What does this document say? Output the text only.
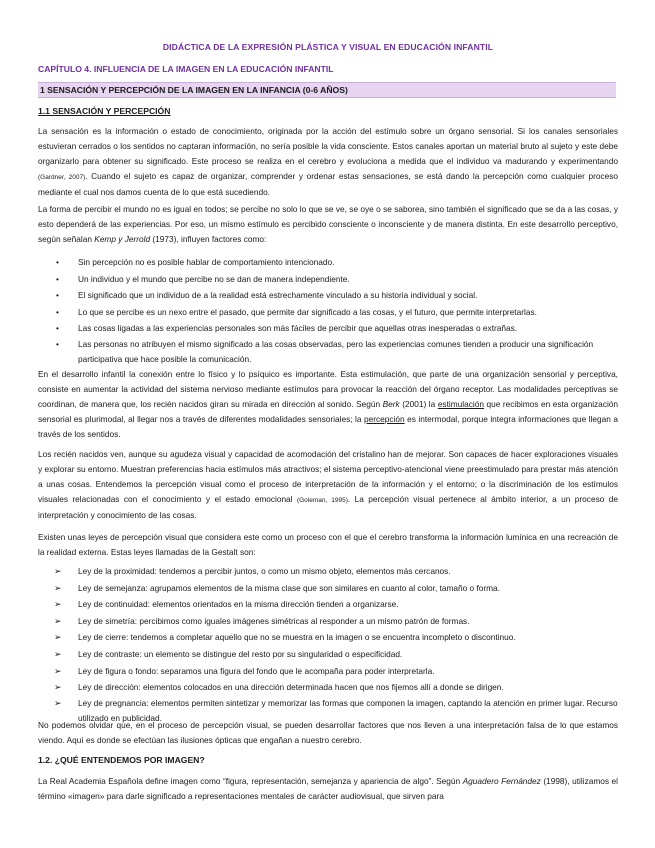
DIDÁCTICA DE LA EXPRESIÓN PLÁSTICA Y VISUAL EN EDUCACIÓN INFANTIL
CAPÍTULO 4. INFLUENCIA DE LA IMAGEN EN LA EDUCACIÓN INFANTIL
1 SENSACIÓN Y PERCEPCIÓN DE LA IMAGEN EN LA INFANCIA (0-6 AÑOS)
1.1 SENSACIÓN Y PERCEPCIÓN
La sensación es la información o estado de conocimiento, originada por la acción del estímulo sobre un órgano sensorial. Si los canales sensoriales estuvieran cerrados o los sentidos no captaran información, no sería posible la vida consciente. Estos canales aportan un material bruto al sujeto y este debe organizarlo para obtener su significado. Este proceso se realiza en el cerebro y evoluciona a medida que el individuo va madurando y experimentando (Gardner, 2007). Cuando el sujeto es capaz de organizar, comprender y ordenar estas sensaciones, se está dando la percepción como cualquier proceso mediante el cual nos damos cuenta de lo que está sucediendo.
La forma de percibir el mundo no es igual en todos; se percibe no solo lo que se ve, se oye o se saborea, sino también el significado que se da a las cosas, y esto dependerá de las experiencias. Por eso, un mismo estímulo es percibido consciente o inconsciente y de manera distinta. En este desarrollo perceptivo, según señalan Kemp y Jerrold (1973), influyen factores como:
• Sin percepción no es posible hablar de comportamiento intencionado.
• Un individuo y el mundo que percibe no se dan de manera independiente.
• El significado que un individuo de a la realidad está estrechamente vinculado a su historia individual y social.
• Lo que se percibe es un nexo entre el pasado, que permite dar significado a las cosas, y el futuro, que permite interpretarlas.
• Las cosas ligadas a las experiencias personales son más fáciles de percibir que aquellas otras inesperadas o extrañas.
• Las personas no atribuyen el mismo significado a las cosas observadas, pero las experiencias comunes tienden a producir una significación participativa que hace posible la comunicación.
En el desarrollo infantil la conexión entre lo físico y lo psíquico es importante. Esta estimulación, que parte de una organización sensorial y perceptiva, consiste en aumentar la actividad del sistema nervioso mediante estímulos para provocar la reacción del órgano receptor. Las modalidades perceptivas se coordinan, de manera que, los recién nacidos giran su mirada en dirección al sonido. Según Berk (2001) la estimulación que recibimos en esta organización sensorial es plurimodal, al llegar nos a través de diferentes modalidades sensoriales; la percepción es intermodal, porque integra informaciones que llegan a través de los sentidos.
Los recién nacidos ven, aunque su agudeza visual y capacidad de acomodación del cristalino han de mejorar. Son capaces de hacer exploraciones visuales y explorar su entorno. Muestran preferencias hacia estímulos más atractivos; el sistema perceptivo-atencional viene preestimulado para prestar más atención a unas cosas. Entendemos la percepción visual como el proceso de interpretación de la información y el entorno; o la discriminación de los estímulos visuales relacionadas con el conocimiento y el estado emocional (Goleman, 1995). La percepción visual pertenece al ámbito interior, a un proceso de interpretación y conocimiento de las cosas.
Existen unas leyes de percepción visual que considera este como un proceso con el que el cerebro transforma la información lumínica en una recreación de la realidad externa. Estas leyes llamadas de la Gestalt son:
➢ Ley de la proximidad: tendemos a percibir juntos, o como un mismo objeto, elementos más cercanos.
➢ Ley de semejanza: agrupamos elementos de la misma clase que son similares en cuanto al color, tamaño o forma.
➢ Ley de continuidad: elementos orientados en la misma dirección tienden a organizarse.
➢ Ley de simetría: percibimos como iguales imágenes simétricas al responder a un mismo patrón de formas.
➢ Ley de cierre: tendemos a completar aquello que no se muestra en la imagen o se encuentra incompleto o discontinuo.
➢ Ley de contraste: un elemento se distingue del resto por su singularidad o especificidad.
➢ Ley de figura o fondo: separamos una figura del fondo que le acompaña para poder interpretarla.
➢ Ley de dirección: elementos colocados en una dirección determinada hacen que nos fijemos allí a donde se dirigen.
➢ Ley de pregnancia: elementos permiten sintetizar y memorizar las formas que componen la imagen, captando la atención en primer lugar. Recurso utilizado en publicidad.
No podemos olvidar que, en el proceso de percepción visual, se pueden desarrollar factores que nos lleven a una interpretación falsa de lo que estamos viendo. Aquí es donde se efectúan las ilusiones ópticas que engañan a nuestro cerebro.
1.2. ¿QUÉ ENTENDEMOS POR IMAGEN?
La Real Academia Española define imagen como “figura, representación, semejanza y apariencia de algo”. Según Aguadero Fernández (1998), utilizamos el término «imagen» para darle significado a representaciones mentales de carácter audiovisual, que sirven para
